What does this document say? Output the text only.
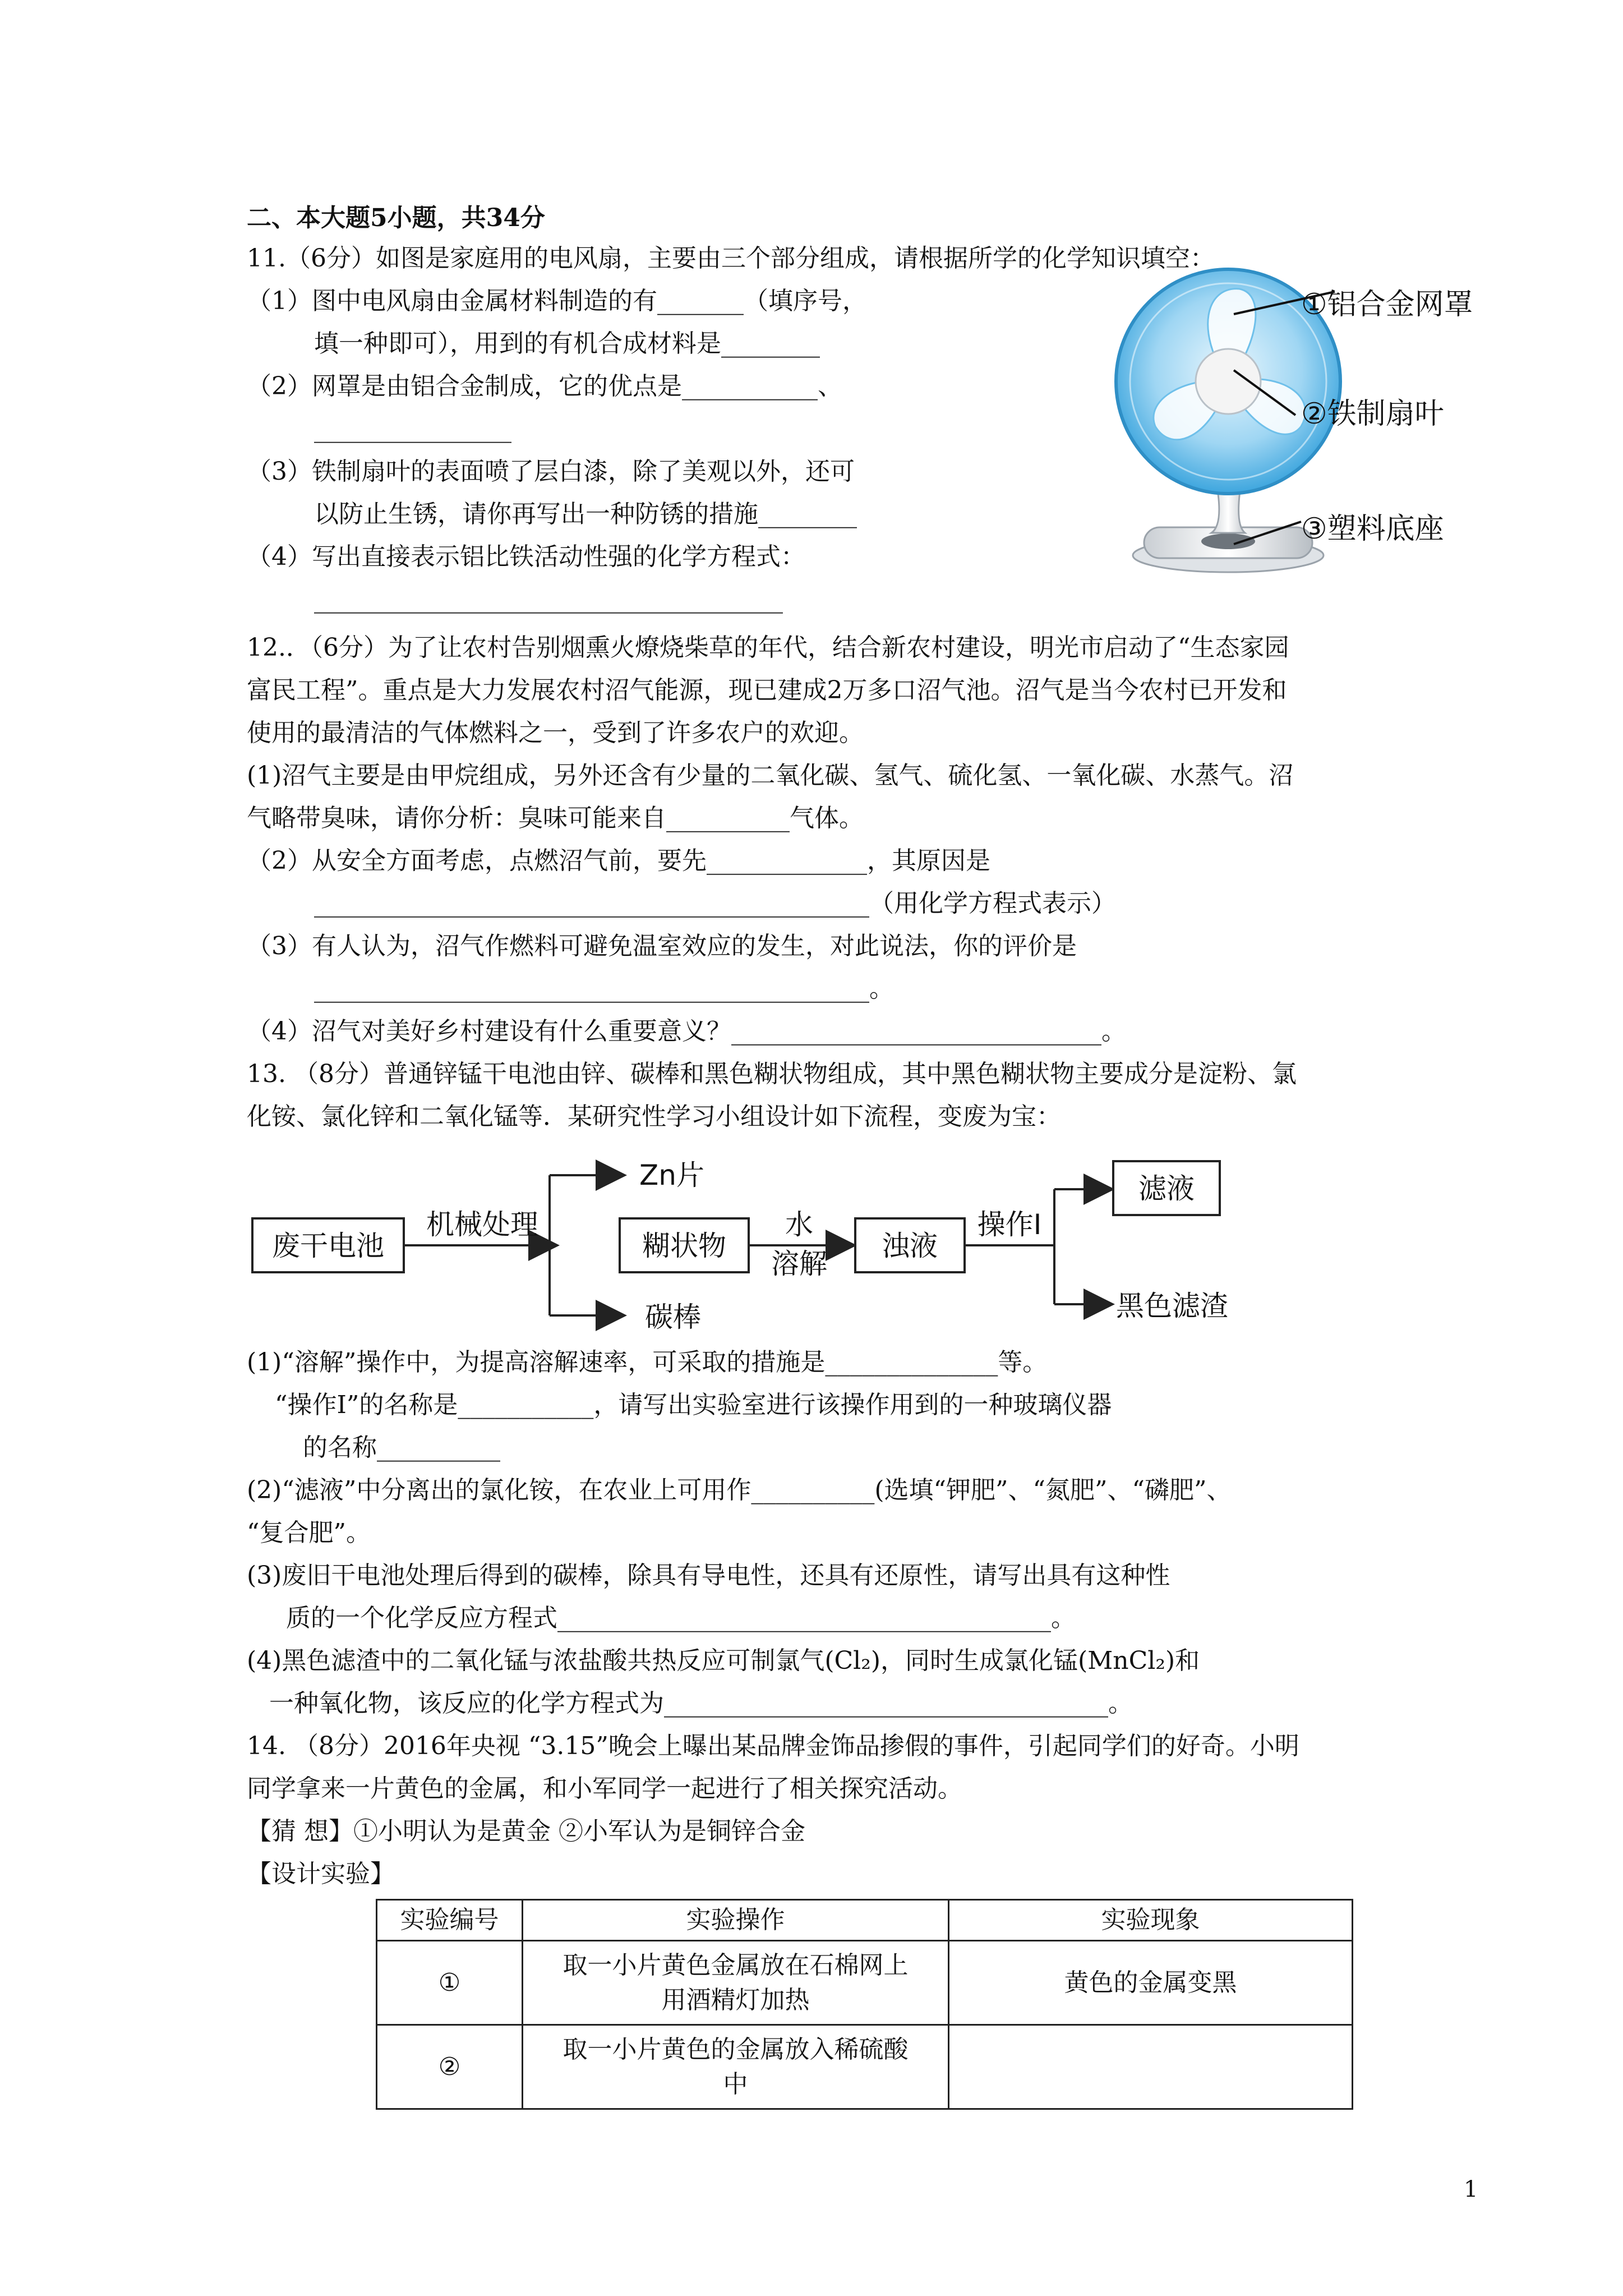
二、本大题5小题，共34分
11.（6分）如图是家庭用的电风扇，主要由三个部分组成，请根据所学的化学知识填空：
（1）图中电风扇由金属材料制造的有_______（填序号，
填一种即可），用到的有机合成材料是________
（2）网罩是由铝合金制成，它的优点是___________、
________________
（3）铁制扇叶的表面喷了层白漆，除了美观以外，还可
以防止生锈，请你再写出一种防锈的措施________
（4）写出直接表示铝比铁活动性强的化学方程式：
______________________________________
①铝合金网罩
②铁制扇叶
③塑料底座
12.．（6分）为了让农村告别烟熏火燎烧柴草的年代，结合新农村建设，明光市启动了“生态家园
富民工程”。重点是大力发展农村沼气能源，现已建成2万多口沼气池。沼气是当今农村已开发和
使用的最清洁的气体燃料之一，受到了许多农户的欢迎。
(1)沼气主要是由甲烷组成，另外还含有少量的二氧化碳、氢气、硫化氢、一氧化碳、水蒸气。沼
气略带臭味，请你分析：臭味可能来自__________气体。
（2）从安全方面考虑，点燃沼气前，要先_____________，其原因是
_____________________________________________（用化学方程式表示）
（3）有人认为，沼气作燃料可避免温室效应的发生，对此说法，你的评价是
_____________________________________________。
（4）沼气对美好乡村建设有什么重要意义？______________________________。
13. （8分）普通锌锰干电池由锌、碳棒和黑色糊状物组成，其中黑色糊状物主要成分是淀粉、氯
化铵、氯化锌和二氧化锰等．某研究性学习小组设计如下流程，变废为宝：
废干电池
机械处理
Zn片
碳棒
糊状物
水
溶解
浊液
操作Ⅰ
滤液
黑色滤渣
(1)“溶解”操作中，为提高溶解速率，可采取的措施是______________等。
“操作Ⅰ”的名称是___________，请写出实验室进行该操作用到的一种玻璃仪器
的名称__________
(2)“滤液”中分离出的氯化铵，在农业上可用作__________(选填“钾肥”、“氮肥”、“磷肥”、
“复合肥”。
(3)废旧干电池处理后得到的碳棒，除具有导电性，还具有还原性，请写出具有这种性
质的一个化学反应方程式________________________________________。
(4)黑色滤渣中的二氧化锰与浓盐酸共热反应可制氯气(Cl₂)，同时生成氯化锰(MnCl₂)和
一种氧化物，该反应的化学方程式为____________________________________。
14. （8分）2016年央视 “3.15”晚会上曝出某品牌金饰品掺假的事件，引起同学们的好奇。小明
同学拿来一片黄色的金属，和小军同学一起进行了相关探究活动。
【猜 想】①小明认为是黄金 ②小军认为是铜锌合金
【设计实验】
实验编号	实验操作	实验现象
①	取一小片黄色金属放在石棉网上
用酒精灯加热	黄色的金属变黑
②	取一小片黄色的金属放入稀硫酸
中	

1
